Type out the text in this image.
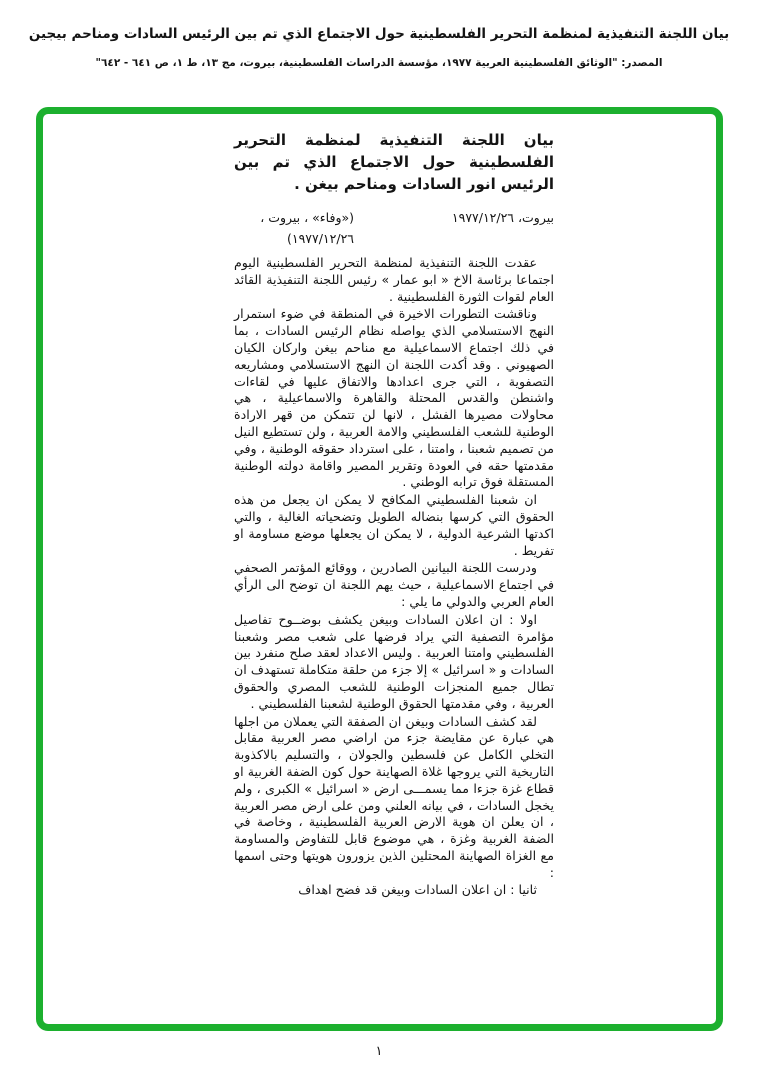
بيان اللجنة التنفيذية لمنظمة التحرير الفلسطينية حول الاجتماع الذي تم بين الرئيس السادات ومناحم بيجين
المصدر: "الوثائق الفلسطينية العربية ١٩٧٧، مؤسسة الدراسات الفلسطينية، بيروت، مج ١٣، ط ١، ص ٦٤١ - ٦٤٢"
بيان اللجنة التنفيذية لمنظمة التحرير الفلسطينية حول الاجتماع الذي تم بين الرئيس انور السادات ومناحم بيغن .
بيروت، ١٩٧٧/١٢/٢٦
(«وفاء» ، بيروت ، ١٩٧٧/١٢/٢٦)

عقدت اللجنة التنفيذية لمنظمة التحرير الفلسطينية اليوم اجتماعا برئاسة الاخ « ابو عمار » رئيس اللجنة التنفيذية القائد العام لقوات الثورة الفلسطينية .

وناقشت التطورات الاخيرة في المنطقة في ضوء استمرار النهج الاستسلامي الذي يواصله نظام الرئيس السادات ، بما في ذلك اجتماع الاسماعيلية مع مناحم بيغن واركان الكيان الصهيوني . وقد أكدت اللجنة ان النهج الاستسلامي ومشاريعه التصفوية ، التي جرى اعدادها والاتفاق عليها في لقاءات واشنطن والقدس المحتلة والقاهرة والاسماعيلية ، هي محاولات مصيرها الفشل ، لانها لن تتمكن من قهر الارادة الوطنية للشعب الفلسطيني والامة العربية ، ولن تستطيع النيل من تصميم شعبنا ، وامتنا ، على استرداد حقوقه الوطنية ، وفي مقدمتها حقه في العودة وتقرير المصير واقامة دولته الوطنية المستقلة فوق ترابه الوطني .

ان شعبنا الفلسطيني المكافح لا يمكن ان يجعل من هذه الحقوق التي كرسها بنضاله الطويل وتضحياته الغالية ، والتي اكدتها الشرعية الدولية ، لا يمكن ان يجعلها موضع مساومة او تفريط .

ودرست اللجنة البيانين الصادرين ، ووقائع المؤتمر الصحفي في اجتماع الاسماعيلية ، حيث يهم اللجنة ان توضح الى الرأي العام العربي والدولي ما يلي :

اولا : ان اعلان السادات وبيغن يكشف بوضــوح تفاصيل مؤامرة التصفية التي يراد فرضها على شعب مصر وشعبنا الفلسطيني وامتنا العربية . وليس الاعداد لعقد صلح منفرد بين السادات و « اسرائيل » إلا جزء من حلقة متكاملة تستهدف ان تطال جميع المنجزات الوطنية للشعب المصري والحقوق العربية ، وفي مقدمتها الحقوق الوطنية لشعبنا الفلسطيني .

لقد كشف السادات وبيغن ان الصفقة التي يعملان من اجلها هي عبارة عن مقايضة جزء من اراضي مصر العربية مقابل التخلي الكامل عن فلسطين والجولان ، والتسليم بالاكذوبة التاريخية التي يروجها غلاة الصهاينة حول كون الضفة الغربية او قطاع غزة جزءا مما يسمـــى ارض « اسرائيل » الكبرى ، ولم يخجل السادات ، في بيانه العلني ومن على ارض مصر العربية ، ان يعلن ان هوية الارض العربية الفلسطينية ، وخاصة في الضفة الغربية وغزة ، هي موضوع قابل للتفاوض والمساومة مع الغزاة الصهاينة المحتلين الذين يزورون هويتها وحتى اسمها :

ثانيا : ان اعلان السادات وبيغن قد فضح اهداف

١
